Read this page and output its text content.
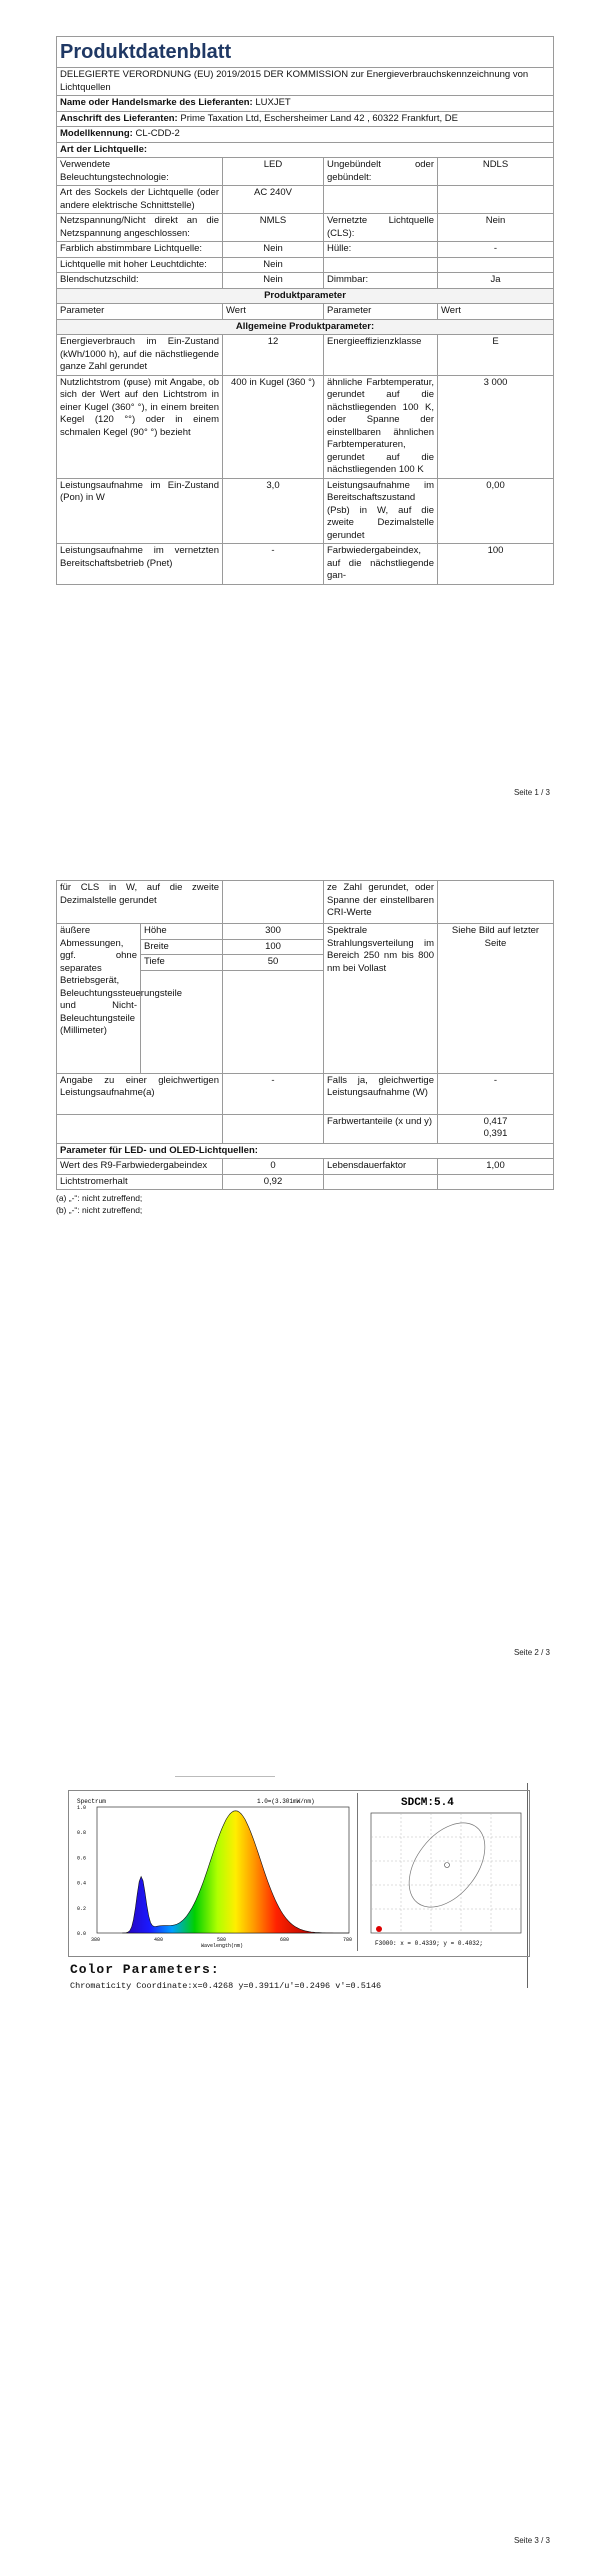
Produktdatenblatt			
DELEGIERTE VERORDNUNG (EU) 2019/2015 DER KOMMISSION zur Energieverbrauchskennzeichnung von Lichtquellen			
Name oder Handelsmarke des Lieferanten: LUXJET			
Anschrift des Lieferanten: Prime Taxation Ltd, Eschersheimer Land 42 , 60322 Frankfurt, DE			
Modellkennung: CL-CDD-2			
Art der Lichtquelle:			
Verwendete Beleuchtungstechnologie:	LED	Ungebündelt oder gebündelt:	NDLS
Art des Sockels der Lichtquelle (oder andere elektrische Schnittstelle)	AC 240V		
Netzspannung/Nicht direkt an die Netzspannung angeschlossen:	NMLS	Vernetzte Lichtquelle (CLS):	Nein
Farblich abstimmbare Lichtquelle:	Nein	Hülle:	-
Lichtquelle mit hoher Leuchtdichte:	Nein		
Blendschutzschild:	Nein	Dimmbar:	Ja
Produktparameter			
Parameter	Wert	Parameter	Wert
Allgemeine Produktparameter:			
Energieverbrauch im Ein-Zustand (kWh/1000 h), auf die nächstliegende ganze Zahl gerundet	12	Energieeffizienzklasse	E
Nutzlichtstrom (φuse) mit Angabe, ob sich der Wert auf den Lichtstrom in einer Kugel (360° °), in einem breiten Kegel (120 °°) oder in einem schmalen Kegel (90° °) bezieht	400 in Kugel (360 °)	ähnliche Farbtemperatur, gerundet auf die nächstliegenden 100 K, oder Spanne der einstellbaren ähnlichen Farbtemperaturen, gerundet auf die nächstliegenden 100 K	3 000
Leistungsaufnahme im Ein-Zustand (Pon) in W	3,0	Leistungsaufnahme im Bereitschaftszustand (Psb) in W, auf die zweite Dezimalstelle gerundet	0,00
Leistungsaufnahme im vernetzten Bereitschaftsbetrieb (Pnet)	-	Farbwiedergabeindex, auf die nächstliegende gan-	100
Seite 1 / 3
für CLS in W, auf die zweite Dezimalstelle gerundet			ze Zahl gerundet, oder Spanne der einstellbaren CRI-Werte	
äußere Abmessungen, ggf. ohne separates Betriebsgerät, Beleuchtungssteuerungsteile und Nicht-Beleuchtungsteile (Millimeter)	Höhe	300	Spektrale Strahlungsverteilung im Bereich 250 nm bis 800 nm bei Vollast	Siehe Bild auf letzter Seite
	Breite	100		
	Tiefe	50		

Angabe zu einer gleichwertigen Leistungsaufnahme(a)		-	Falls ja, gleichwertige Leistungsaufnahme (W)	-
			Farbwertanteile (x und y)	0,417
0,391

Parameter für LED- und OLED-Lichtquellen:				
Wert des R9-Farbwiedergabeindex		0	Lebensdauerfaktor	1,00
Lichtstromerhalt		0,92		
(a) „-“: nicht zutreffend;
(b) „-“: nicht zutreffend;
Seite 2 / 3
Spectrum	1.0=(3.301mW/nm)
1.0
0.8
0.6
0.4
0.2
0.0
380	480	580	680	780
Wavelength(nm)
SDCM:5.4
F3000: x = 0.4339; y = 0.4032;
Color Parameters:
Chromaticity Coordinate:x=0.4268 y=0.3911/u'=0.2496 v'=0.5146
Seite 3 / 3
